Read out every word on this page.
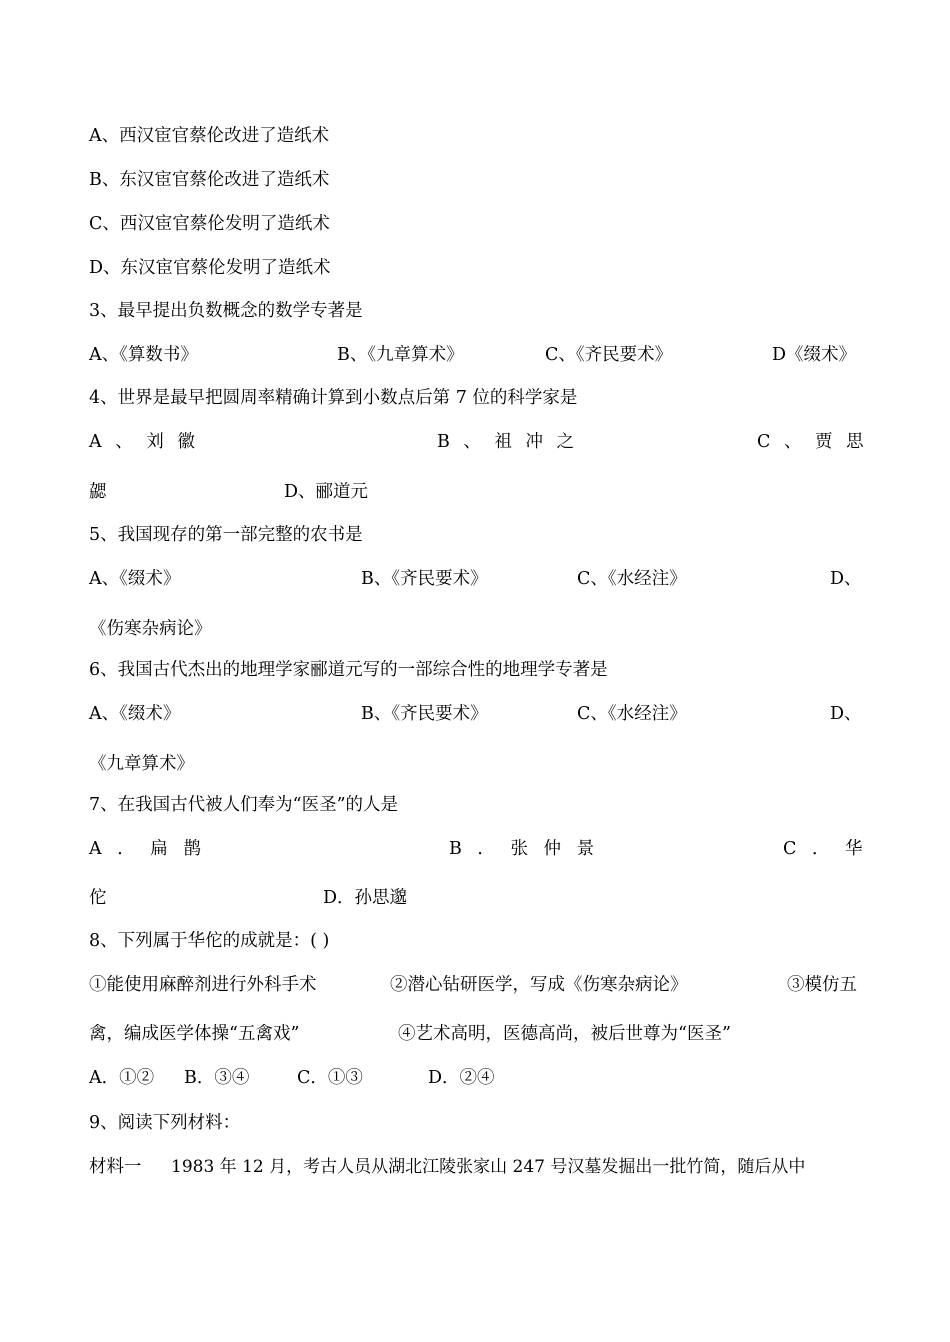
A、西汉宦官蔡伦改进了造纸术
B、东汉宦官蔡伦改进了造纸术
C、西汉宦官蔡伦发明了造纸术
D、东汉宦官蔡伦发明了造纸术
3、最早提出负数概念的数学专著是
A、《算数书》	B、《九章算术》	C、《齐民要术》	D《缀术》
4、世界是最早把圆周率精确计算到小数点后第 7 位的科学家是
A 、 刘 徽	B 、 祖 冲 之	C 、 贾 思
勰	D、郦道元
5、我国现存的第一部完整的农书是
A、《缀术》	B、《齐民要术》	C、《水经注》	D、
《伤寒杂病论》
6、我国古代杰出的地理学家郦道元写的一部综合性的地理学专著是
A、《缀术》	B、《齐民要术》	C、《水经注》	D、
《九章算术》
7、在我国古代被人们奉为“医圣”的人是
A ． 扁 鹊	B ． 张 仲 景	C ． 华
佗	D．孙思邈
8、下列属于华佗的成就是：( )
①能使用麻醉剂进行外科手术	②潜心钻研医学，写成《伤寒杂病论》	③模仿五
禽，编成医学体操“五禽戏”	④艺术高明，医德高尚，被后世尊为“医圣”
A．①② B．③④	C．①③	D．②④
9、阅读下列材料：
材料一 1983 年 12 月，考古人员从湖北江陵张家山 247 号汉墓发掘出一批竹简，随后从中
